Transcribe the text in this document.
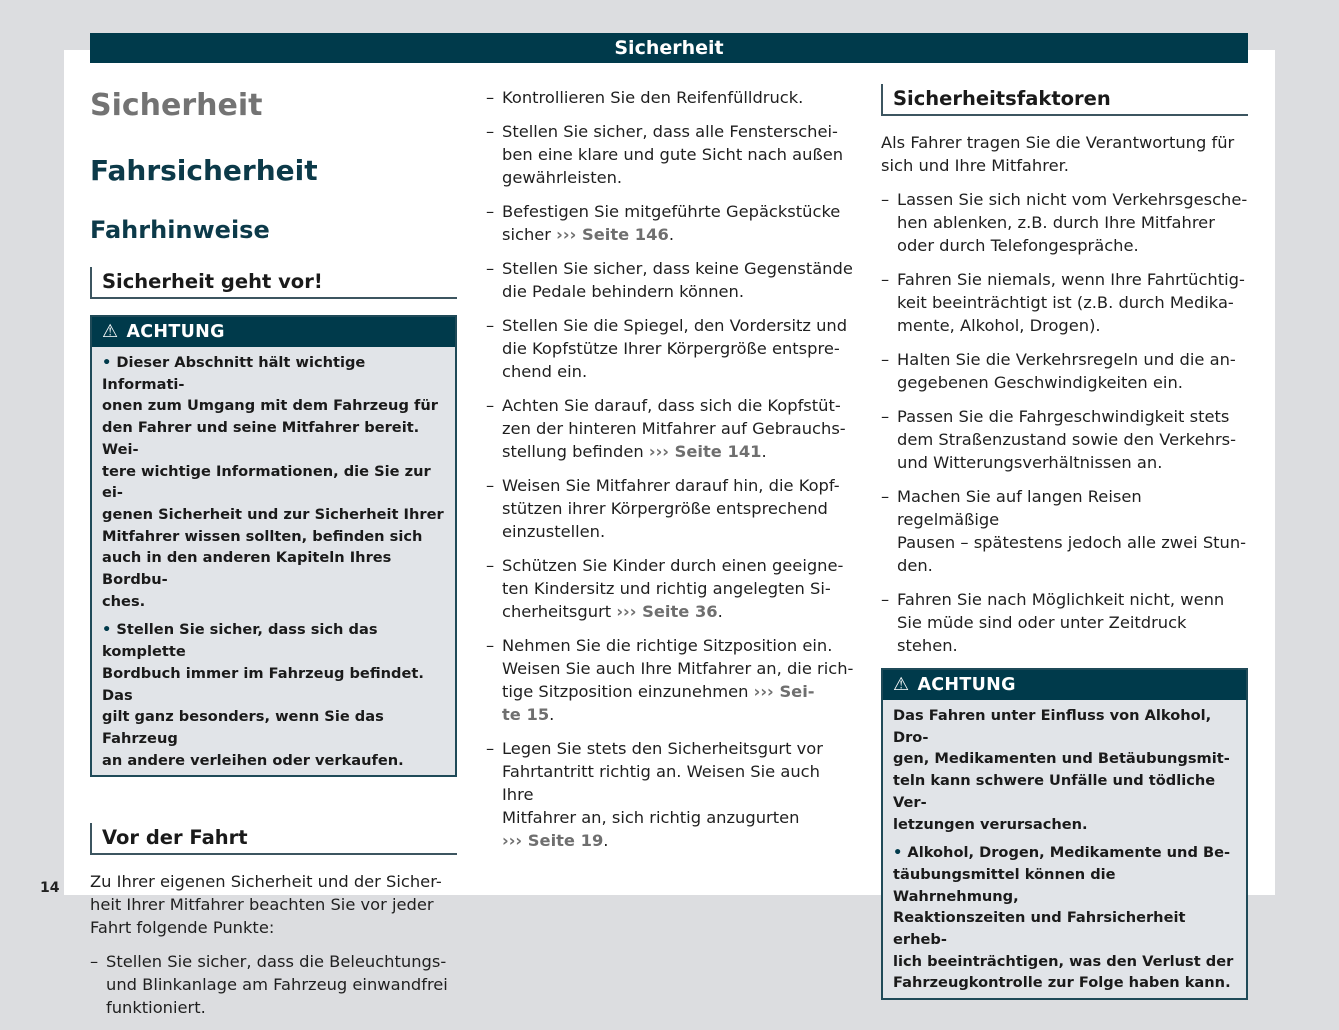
Sicherheit
14
Sicherheit
Fahrsicherheit
Fahrhinweise
Sicherheit geht vor!
⚠ ACHTUNG

• Dieser Abschnitt hält wichtige Informati-
onen zum Umgang mit dem Fahrzeug für
den Fahrer und seine Mitfahrer bereit. Wei-
tere wichtige Informationen, die Sie zur ei-
genen Sicherheit und zur Sicherheit Ihrer
Mitfahrer wissen sollten, befinden sich
auch in den anderen Kapiteln Ihres Bordbu-
ches.

• Stellen Sie sicher, dass sich das komplette
Bordbuch immer im Fahrzeug befindet. Das
gilt ganz besonders, wenn Sie das Fahrzeug
an andere verleihen oder verkaufen.

Vor der Fahrt

Zu Ihrer eigenen Sicherheit und der Sicher-
heit Ihrer Mitfahrer beachten Sie vor jeder
Fahrt folgende Punkte:

– Stellen Sie sicher, dass die Beleuchtungs-
und Blinkanlage am Fahrzeug einwandfrei
funktioniert.
– Kontrollieren Sie den Reifenfülldruck.
– Stellen Sie sicher, dass alle Fensterschei-
ben eine klare und gute Sicht nach außen
gewährleisten.
– Befestigen Sie mitgeführte Gepäckstücke
sicher ››› Seite 146.
– Stellen Sie sicher, dass keine Gegenstände
die Pedale behindern können.
– Stellen Sie die Spiegel, den Vordersitz und
die Kopfstütze Ihrer Körpergröße entspre-
chend ein.
– Achten Sie darauf, dass sich die Kopfstüt-
zen der hinteren Mitfahrer auf Gebrauchs-
stellung befinden ››› Seite 141.
– Weisen Sie Mitfahrer darauf hin, die Kopf-
stützen ihrer Körpergröße entsprechend
einzustellen.
– Schützen Sie Kinder durch einen geeigne-
ten Kindersitz und richtig angelegten Si-
cherheitsgurt ››› Seite 36.
– Nehmen Sie die richtige Sitzposition ein.
Weisen Sie auch Ihre Mitfahrer an, die rich-
tige Sitzposition einzunehmen ››› Sei-
te 15.
– Legen Sie stets den Sicherheitsgurt vor
Fahrtantritt richtig an. Weisen Sie auch Ihre
Mitfahrer an, sich richtig anzugurten
››› Seite 19.
Sicherheitsfaktoren

Als Fahrer tragen Sie die Verantwortung für
sich und Ihre Mitfahrer.

– Lassen Sie sich nicht vom Verkehrsgesche-
hen ablenken, z.B. durch Ihre Mitfahrer
oder durch Telefongespräche.
– Fahren Sie niemals, wenn Ihre Fahrtüchtig-
keit beeinträchtigt ist (z.B. durch Medika-
mente, Alkohol, Drogen).
– Halten Sie die Verkehrsregeln und die an-
gegebenen Geschwindigkeiten ein.
– Passen Sie die Fahrgeschwindigkeit stets
dem Straßenzustand sowie den Verkehrs-
und Witterungsverhältnissen an.
– Machen Sie auf langen Reisen regelmäßige
Pausen – spätestens jedoch alle zwei Stun-
den.
– Fahren Sie nach Möglichkeit nicht, wenn
Sie müde sind oder unter Zeitdruck stehen.
⚠ ACHTUNG

Das Fahren unter Einfluss von Alkohol, Dro-
gen, Medikamenten und Betäubungsmit-
teln kann schwere Unfälle und tödliche Ver-
letzungen verursachen.

• Alkohol, Drogen, Medikamente und Be-
täubungsmittel können die Wahrnehmung,
Reaktionszeiten und Fahrsicherheit erheb-
lich beeinträchtigen, was den Verlust der
Fahrzeugkontrolle zur Folge haben kann.
